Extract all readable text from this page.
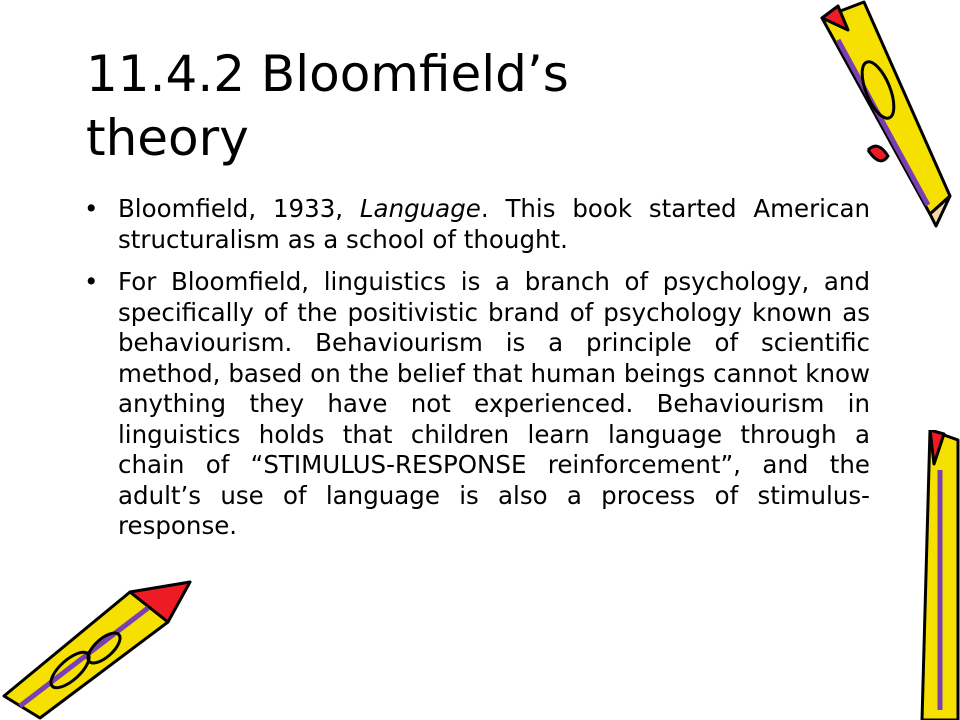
11.4.2 Bloomfield’s
theory
• Bloomfield, 1933, Language. This book started American structuralism as a school of thought.
• For Bloomfield, linguistics is a branch of psychology, and specifically of the positivistic brand of psychology known as behaviourism. Behaviourism is a principle of scientific method, based on the belief that human beings cannot know anything they have not experienced. Behaviourism in linguistics holds that children learn language through a chain of “STIMULUS-RESPONSE reinforcement”, and the adult’s use of language is also a process of stimulus-response.
